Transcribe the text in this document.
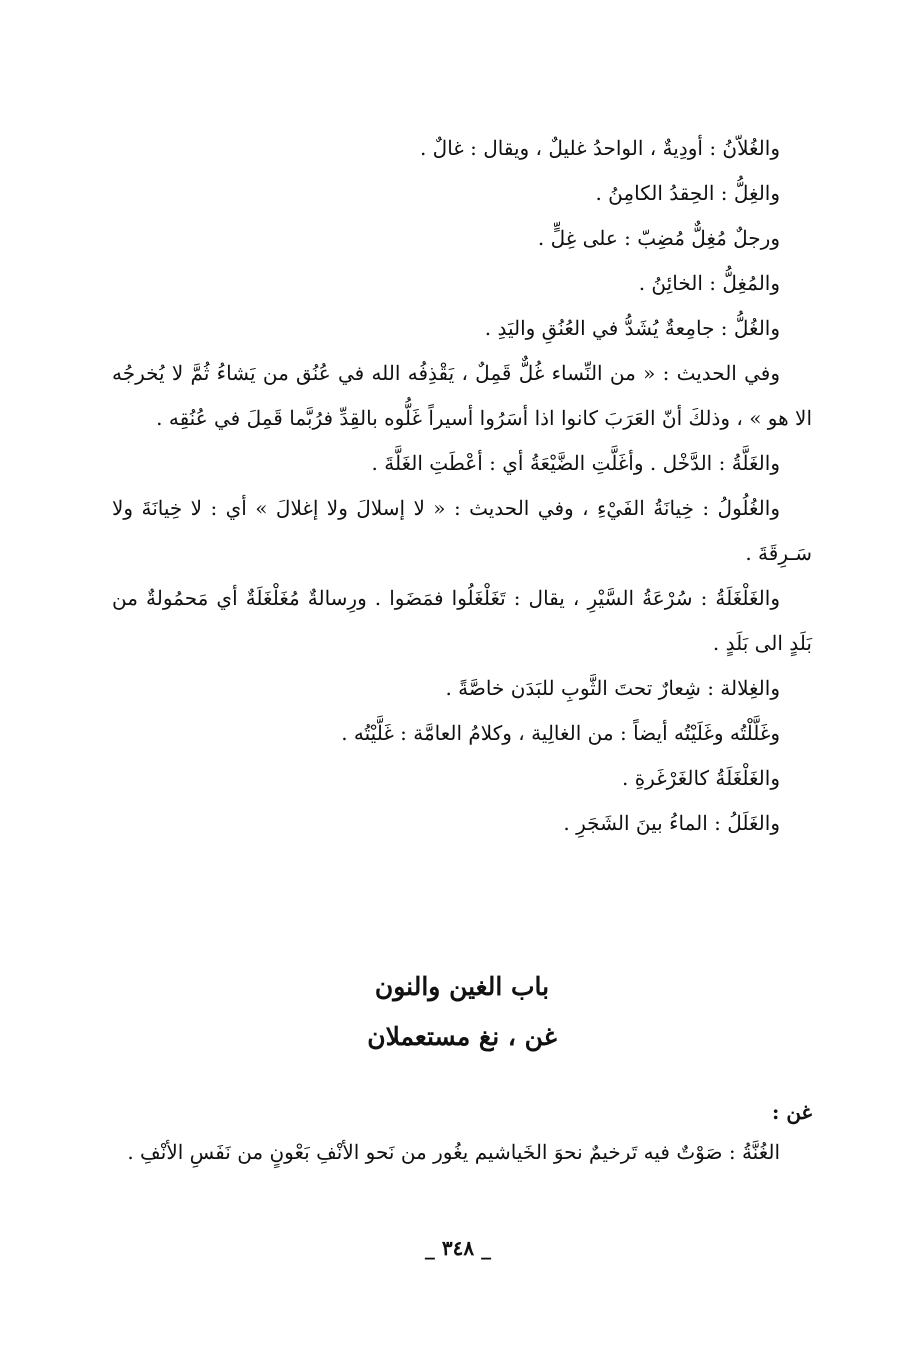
والغُلاّنُ : أودِيةٌ ، الواحدُ غليلٌ ، ويقال : غالٌ .

والغِلُّ : الحِقدُ الكامِنُ .

ورجلٌ مُغِلٌّ مُضِبّ : على غِلٍّ .

والمُغِلُّ : الخائِنُ .

والغُلُّ : جامِعةٌ يُشَدُّ في العُنُقِ واليَدِ .

وفي الحديث : « من النِّساء غُلٌّ قَمِلٌ ، يَقْذِفُه الله في عُنُق من يَشاءُ ثُمَّ لا يُخرجُه الا هو » ، وذلكَ أنّ العَرَبَ كانوا اذا أسَرُوا أسيراً غَلُّوه بالقِدِّ فرُبَّما قَمِلَ في عُنُقِه .

والغَلَّةُ : الدَّخْل . وأغَلَّتِ الضَّيْعَةُ أي : أعْطَتِ الغَلَّةَ .

والغُلُولُ : خِيانَةُ الفَيْءِ ، وفي الحديث : « لا إسلالَ ولا إغلالَ » أي : لا خِيانَةَ ولا سَـرِقَةَ .

والغَلْغَلَةُ : سُرْعَةُ السَّيْرِ ، يقال : تَغَلْغَلُوا فمَضَوا . ورِسالةٌ مُغَلْغَلَةٌ أي مَحمُولةٌ من بَلَدٍ الى بَلَدٍ .

والغِلالة : شِعارٌ تحتَ الثَّوبِ للبَدَن خاصَّةً .

وغَلَّلْتُه وغَلَيْتُه أيضاً : من الغالِية ، وكلامُ العامَّة : غَلَّيْتُه .

والغَلْغَلَةُ كالغَرْغَرةِ .

والغَلَلُ : الماءُ بينَ الشَجَرِ .

باب الغين والنون
غن ، نغ مستعملان

غن :

الغُنَّةُ : صَوْتٌ فيه تَرخيمٌ نحوَ الخَياشيم يغُور من نَحو الأنْفِ بَعْونٍ من نَفَسِ الأنْفِ .

_ ٣٤٨ _
